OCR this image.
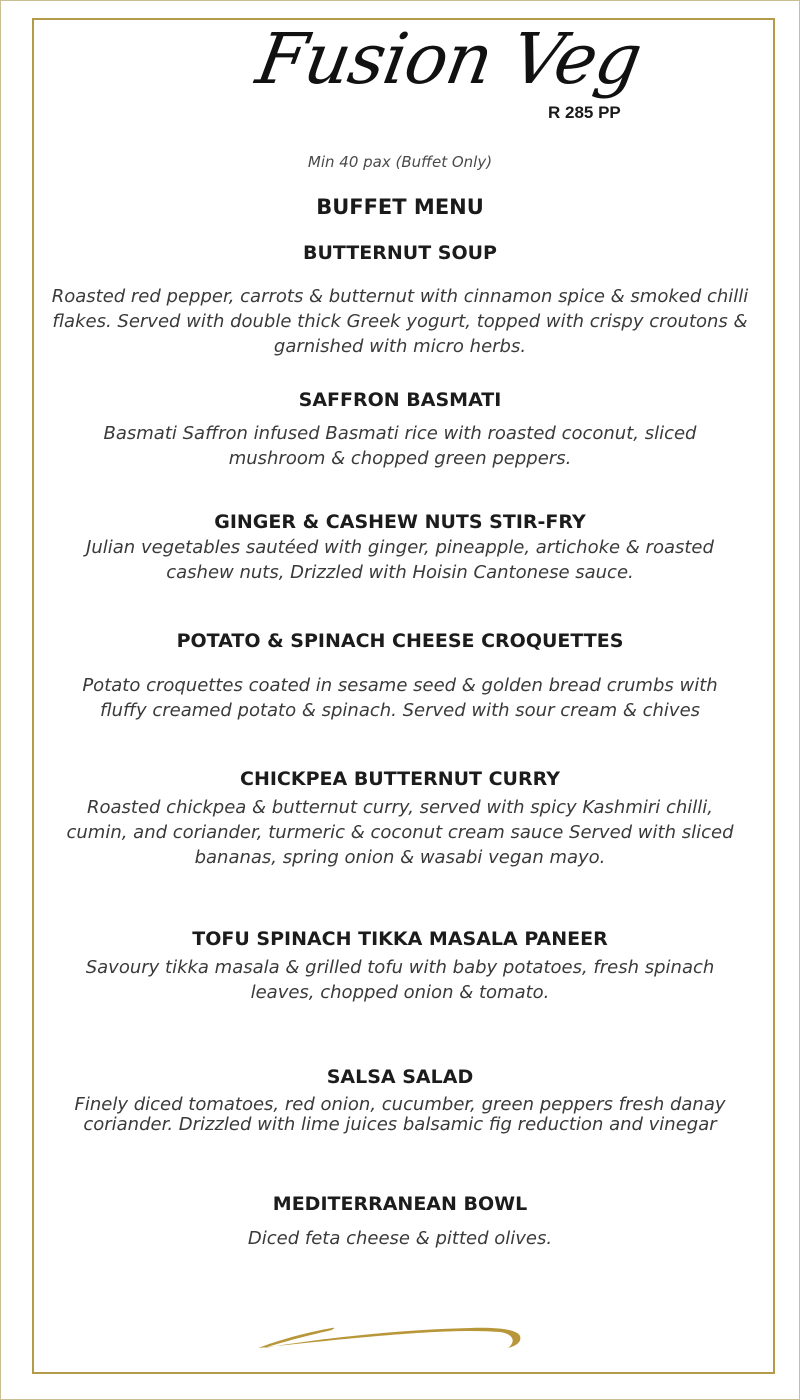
Fusion Veg
R 285 PP
Min 40 pax (Buffet Only)
BUFFET MENU
BUTTERNUT SOUP

Roasted red pepper, carrots & butternut with cinnamon spice & smoked chilli flakes. Served with double thick Greek yogurt, topped with crispy croutons & garnished with micro herbs.

SAFFRON BASMATI

Basmati Saffron infused Basmati rice with roasted coconut, sliced mushroom & chopped green peppers.

GINGER & CASHEW NUTS STIR-FRY

Julian vegetables sautéed with ginger, pineapple, artichoke & roasted cashew nuts, Drizzled with Hoisin Cantonese sauce.

POTATO & SPINACH CHEESE CROQUETTES

Potato croquettes coated in sesame seed & golden bread crumbs with fluffy creamed potato & spinach. Served with sour cream & chives

CHICKPEA BUTTERNUT CURRY

Roasted chickpea & butternut curry, served with spicy Kashmiri chilli, cumin, and coriander, turmeric & coconut cream sauce Served with sliced bananas, spring onion & wasabi vegan mayo.

TOFU SPINACH TIKKA MASALA PANEER

Savoury tikka masala & grilled tofu with baby potatoes, fresh spinach leaves, chopped onion & tomato.

SALSA SALAD

Finely diced tomatoes, red onion, cucumber, green peppers fresh danay coriander. Drizzled with lime juices balsamic fig reduction and vinegar

MEDITERRANEAN BOWL

Diced feta cheese & pitted olives.
